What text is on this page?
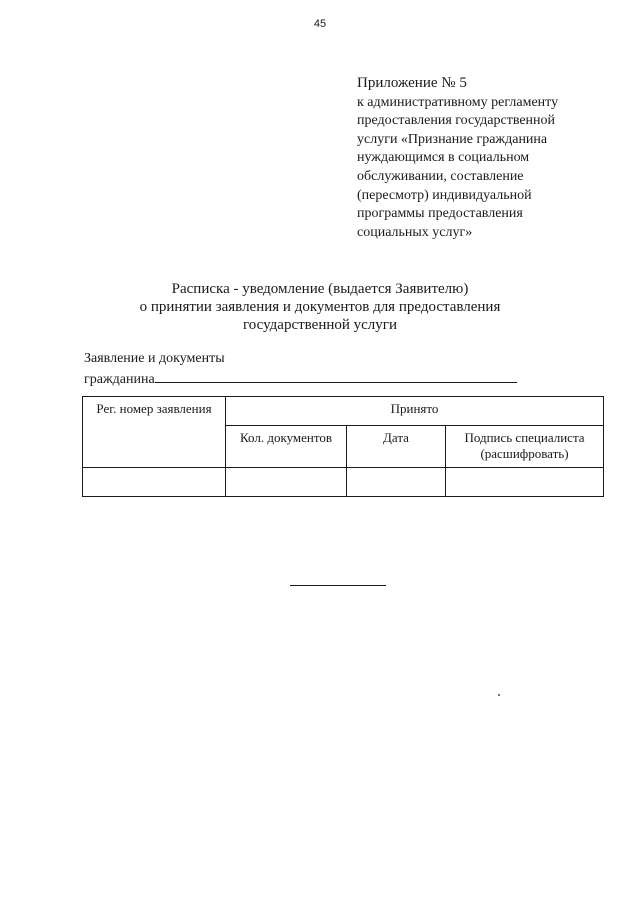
45
Приложение № 5
к административному регламенту
предоставления государственной
услуги «Признание гражданина
нуждающимся в социальном
обслуживании, составление
(пересмотр) индивидуальной
программы предоставления
социальных услуг»
Расписка - уведомление (выдается Заявителю)
о принятии заявления и документов для предоставления
государственной услуги
Заявление и документы
гражданина
Рег. номер заявления	Принято		
	Кол. документов	Дата	Подпись специалиста
(расшифровать)
